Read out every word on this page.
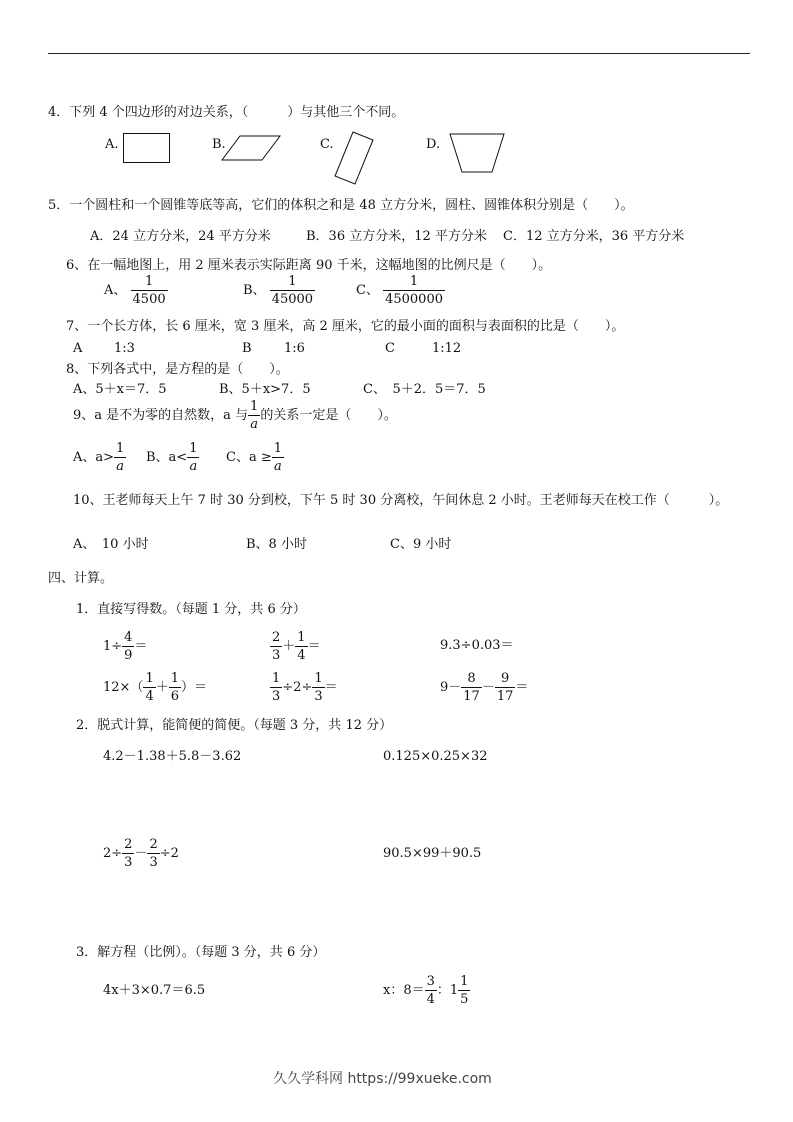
4．下列 4 个四边形的对边关系，（　　　）与其他三个不同。
A.	B.	C.	D.
5．一个圆柱和一个圆锥等底等高，它们的体积之和是 48 立方分米，圆柱、圆锥体积分别是（　　）。
A．24 立方分米，24 平方分米	B．36 立方分米，12 平方分米 C．12 立方分米，36 平方分米
6、在一幅地图上，用 2 厘米表示实际距离 90 千米，这幅地图的比例尺是（　　）。
A、 $\frac{1}{4500}$	B、 $\frac{1}{45000}$	C、 $\frac{1}{4500000}$
7、一个长方体，长 6 厘米，宽 3 厘米，高 2 厘米，它的最小面的面积与表面积的比是（　　）。
A 1:3	B 1:6	C	1:12
8、下列各式中，是方程的是（　　）。
A、5＋x＝7．5	B、5＋x>7．5	C、　5＋2．5＝7．5
9、a 是不为零的自然数，a 与 $\frac{1}{a}$ 的关系一定是（　　）。
A、$a> \frac{1}{a}$ B、$a< \frac{1}{a}$ C、$a \ge \frac{1}{a}$
10、王老师每天上午 7 时 30 分到校，下午 5 时 30 分离校，午间休息 2 小时。王老师每天在校工作（　　　）。
A、　10 小时	B、8 小时	C、9 小时
四、计算。
1．直接写得数。（每题 1 分，共 6 分）
$1\div \frac{4}{9}$ ＝	$\frac{2}{3} + \frac{1}{4}$ ＝	9.3÷0.03＝
$12\times( \frac{1}{4} + \frac{1}{6}$ ）＝	$\frac{1}{3} \div 2\div \frac{1}{3}$ ＝	$9- \frac{8}{17} - \frac{9}{17}$ ＝
2．脱式计算，能简便的简便。（每题 3 分，共 12 分）
4.2－1.38＋5.8－3.62	0.125×0.25×32
$2\div \frac{2}{3} - \frac{2}{3} \div 2$	90.5×99＋90.5
3．解方程（比例）。（每题 3 分，共 6 分）
4x＋3×0.7＝6.5	x：$8= \frac{3}{4}$ ：$1 \frac{1}{5}$
久久学科网 https://99xueke.com
